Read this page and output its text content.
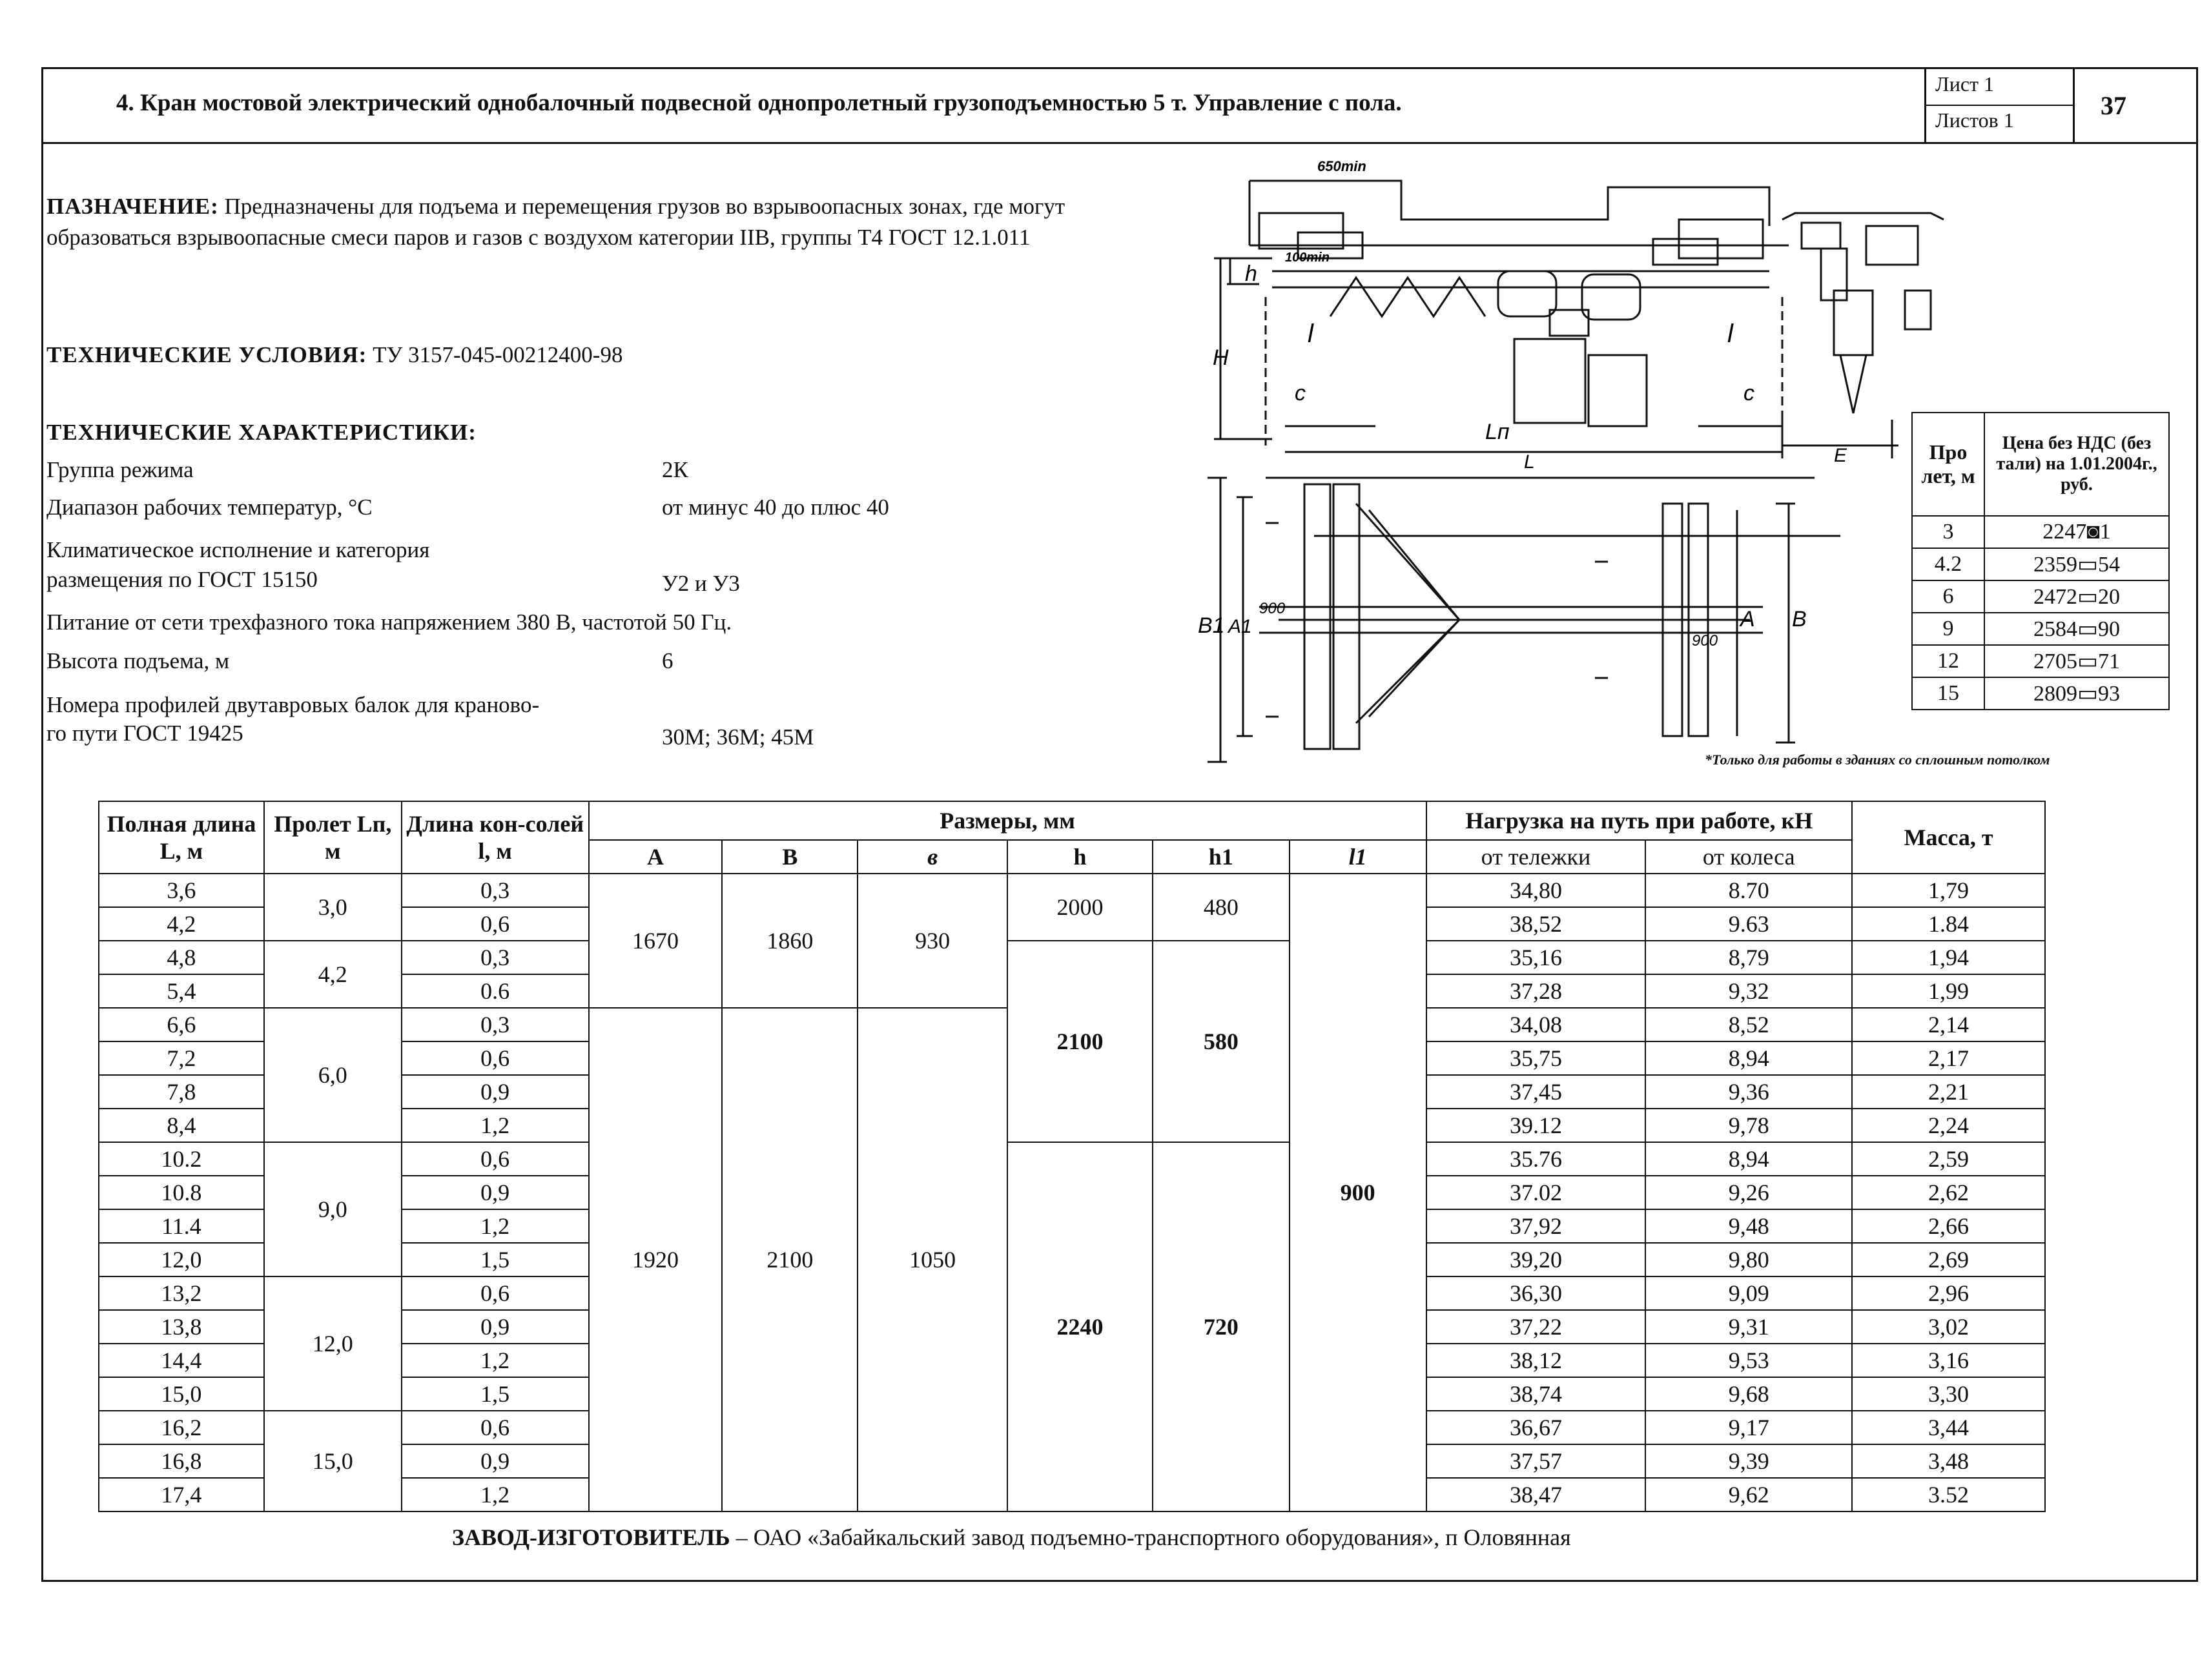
4. Кран мостовой электрический однобалочный подвесной однопролетный грузоподъемностью 5 т. Управление с пола.
Лист 1
Листов 1	37
ПАЗНАЧЕНИЕ: Предназначены для подъема и перемещения грузов во взрывоопасных зонах, где могут образоваться взрывоопасные смеси паров и газов с воздухом категории IIВ, группы Т4 ГОСТ 12.1.011
ТЕХНИЧЕСКИЕ УСЛОВИЯ: ТУ 3157-045-00212400-98
ТЕХНИЧЕСКИЕ ХАРАКТЕРИСТИКИ:
Группа режима	2К
Диапазон рабочих температур, °С	от минус 40 до плюс 40
Климатическое исполнение и категория
размещения по ГОСТ 15150	У2 и У3
Питание от сети трехфазного тока напряжением 380 В, частотой 50 Гц.
Высота подъема, м	6
Номера профилей двутавровых балок для краново-
го пути ГОСТ 19425	30М; 36М; 45М
650min
100min
h
H
l	l
c	c
Lп
L	E
B1 A1
900
900
A B
Про лет, м	Цена без НДС (без тали) на 1.01.2004г., руб.
3	2247◙1
4.2	2359▭54
6	2472▭20
9	2584▭90
12	2705▭71
15	2809▭93
*Только для работы в зданиях со сплошным потолком
Полная длина L, м	Пролет Lп, м	Длина кон-солей l, м	Размеры, мм						Нагрузка на путь при работе, кН		Масса, т
			А	В	в	h	h1	l1	от тележки	от колеса	
3,6	3,0	0,3	1670	1860	930	2000	480	900	34,80	8.70	1,79
4,2		0,6							38,52	9.63	1.84
4,8	4,2	0,3				2100	580		35,16	8,79	1,94
5,4		0.6							37,28	9,32	1,99
6,6	6,0	0,3	1920	2100	1050				34,08	8,52	2,14
7,2		0,6							35,75	8,94	2,17
7,8		0,9							37,45	9,36	2,21
8,4		1,2							39.12	9,78	2,24
10.2	9,0	0,6				2240	720		35.76	8,94	2,59
10.8		0,9							37.02	9,26	2,62
11.4		1,2							37,92	9,48	2,66
12,0		1,5							39,20	9,80	2,69
13,2	12,0	0,6							36,30	9,09	2,96
13,8		0,9							37,22	9,31	3,02
14,4		1,2							38,12	9,53	3,16
15,0		1,5							38,74	9,68	3,30
16,2	15,0	0,6							36,67	9,17	3,44
16,8		0,9							37,57	9,39	3,48
17,4		1,2							38,47	9,62	3.52
ЗАВОД-ИЗГОТОВИТЕЛЬ – ОАО «Забайкальский завод подъемно-транспортного оборудования», п Оловянная
